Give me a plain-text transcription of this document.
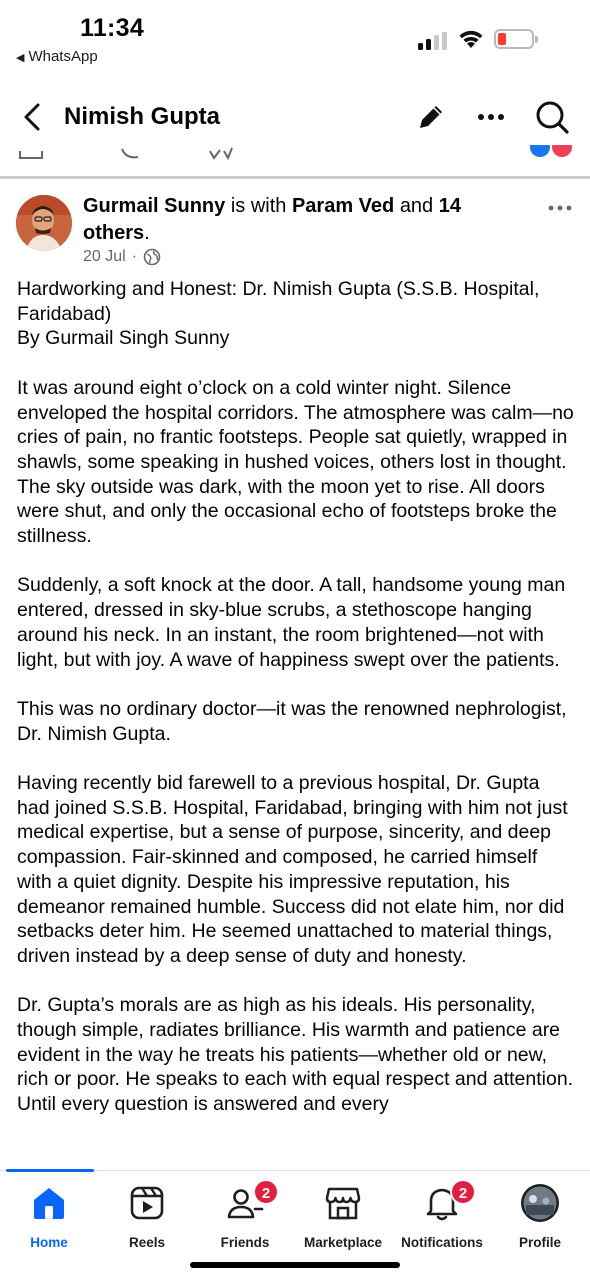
11:34
◀ WhatsApp
Nimish Gupta
Gurmail Sunny is with Param Ved and 14 others.
20 Jul ·

Hardworking and Honest: Dr. Nimish Gupta (S.S.B. Hospital, Faridabad)
By Gurmail Singh Sunny

It was around eight o’clock on a cold winter night. Silence enveloped the hospital corridors. The atmosphere was calm—no cries of pain, no frantic footsteps. People sat quietly, wrapped in shawls, some speaking in hushed voices, others lost in thought. The sky outside was dark, with the moon yet to rise. All doors were shut, and only the occasional echo of footsteps broke the stillness.

Suddenly, a soft knock at the door. A tall, handsome young man entered, dressed in sky-blue scrubs, a stethoscope hanging around his neck. In an instant, the room brightened—not with light, but with joy. A wave of happiness swept over the patients.

This was no ordinary doctor—it was the renowned nephrologist, Dr. Nimish Gupta.

Having recently bid farewell to a previous hospital, Dr. Gupta had joined S.S.B. Hospital, Faridabad, bringing with him not just medical expertise, but a sense of purpose, sincerity, and deep compassion. Fair-skinned and composed, he carried himself with a quiet dignity. Despite his impressive reputation, his demeanor remained humble. Success did not elate him, nor did setbacks deter him. He seemed unattached to material things, driven instead by a deep sense of duty and honesty.

Dr. Gupta’s morals are as high as his ideals. His personality, though simple, radiates brilliance. His warmth and patience are evident in the way he treats his patients—whether old or new, rich or poor. He speaks to each with equal respect and attention. Until every question is answered and every

Home	Reels
2
Friends	Marketplace
2
Notifications	Profile
